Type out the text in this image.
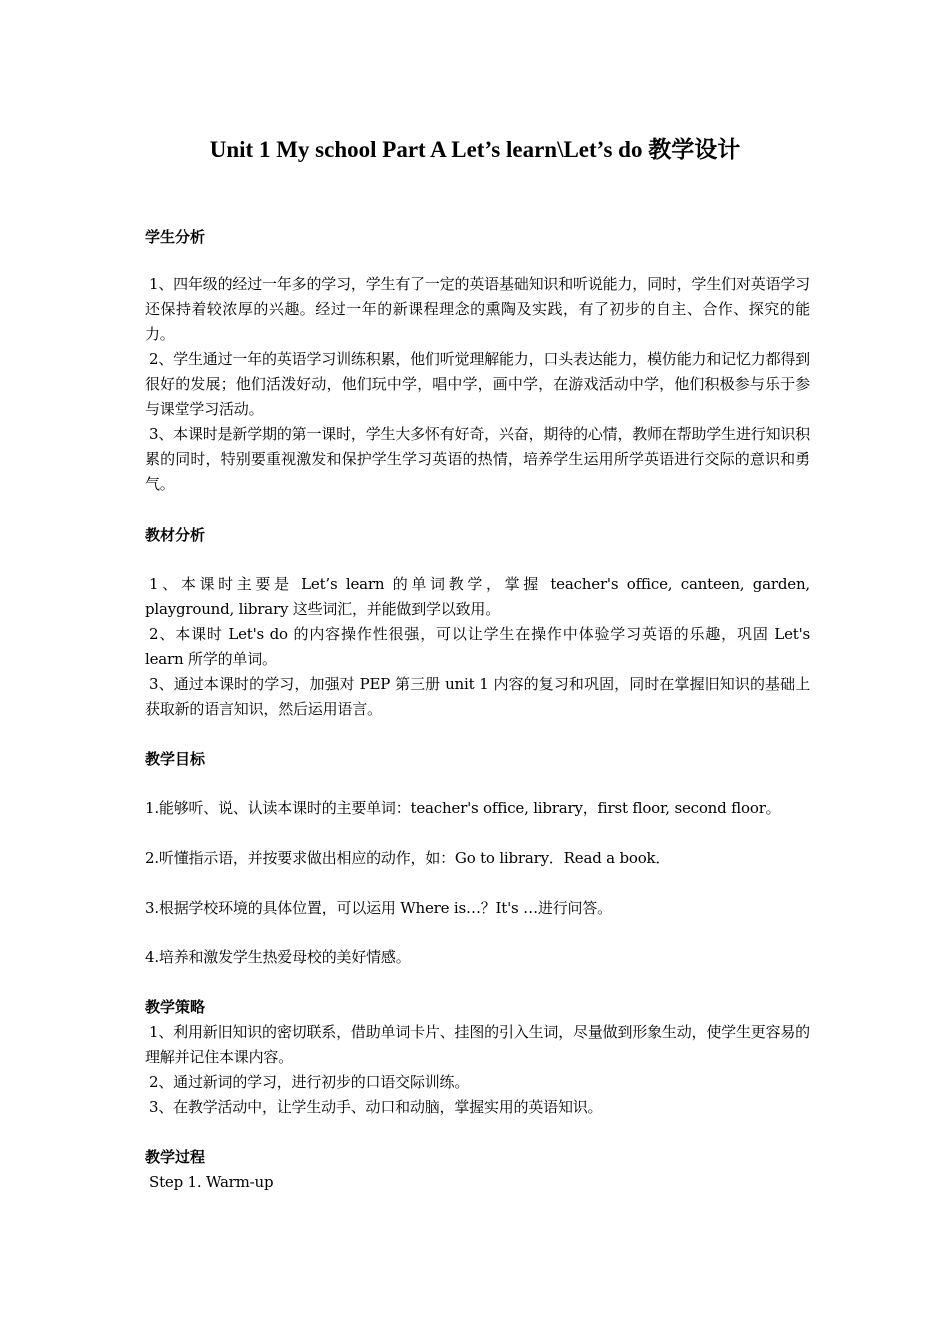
Unit 1 My school Part A Let’s learn\Let’s do 教学设计
学生分析

1、四年级的经过一年多的学习，学生有了一定的英语基础知识和听说能力，同时，学生们对英语学习还保持着较浓厚的兴趣。经过一年的新课程理念的熏陶及实践，有了初步的自主、合作、探究的能力。

2、学生通过一年的英语学习训练积累，他们听觉理解能力，口头表达能力，模仿能力和记忆力都得到很好的发展；他们活泼好动，他们玩中学，唱中学，画中学，在游戏活动中学，他们积极参与乐于参与课堂学习活动。

3、本课时是新学期的第一课时，学生大多怀有好奇，兴奋，期待的心情，教师在帮助学生进行知识积累的同时，特别要重视激发和保护学生学习英语的热情，培养学生运用所学英语进行交际的意识和勇气。

教材分析

1、本课时主要是 Let’s learn 的单词教学，掌握 teacher's office, canteen, garden, playground, library 这些词汇，并能做到学以致用。

2、本课时 Let's do 的内容操作性很强，可以让学生在操作中体验学习英语的乐趣，巩固 Let's learn 所学的单词。

3、通过本课时的学习，加强对 PEP 第三册 unit 1 内容的复习和巩固，同时在掌握旧知识的基础上获取新的语言知识，然后运用语言。

教学目标

1.能够听、说、认读本课时的主要单词：teacher's office, library，first floor, second floor。

2.听懂指示语，并按要求做出相应的动作，如：Go to library．Read a book．

3.根据学校环境的具体位置，可以运用 Where is…？It's …进行问答。

4.培养和激发学生热爱母校的美好情感。

教学策略

1、利用新旧知识的密切联系，借助单词卡片、挂图的引入生词，尽量做到形象生动，使学生更容易的理解并记住本课内容。

2、通过新词的学习，进行初步的口语交际训练。

3、在教学活动中，让学生动手、动口和动脑，掌握实用的英语知识。

教学过程

Step 1. Warm-up
